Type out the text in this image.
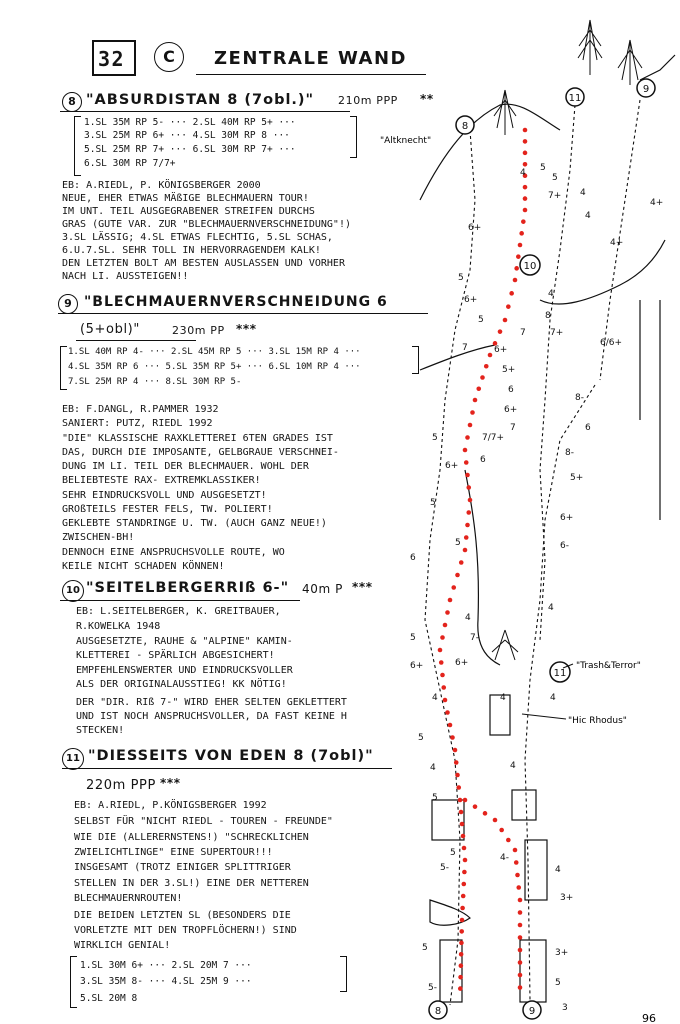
32	C	ZENTRALE WAND
8 "ABSURDISTAN 8 (7obl.)" 210m PPP **
1.SL 35M RP 5- ··· 2.SL 40M RP 5+ ···
3.SL 25M RP 6+ ··· 4.SL 30M RP 8 ···
5.SL 25M RP 7+ ··· 6.SL 30M RP 7+ ···
6.SL 30M RP 7/7+
EB: A.RIEDL, P. KÖNIGSBERGER 2000
NEUE, EHER ETWAS MÄßIGE BLECHMAUERN TOUR!
IM UNT. TEIL AUSGEGRABENER STREIFEN DURCHS
GRAS (GUTE VAR. ZUR "BLECHMAUERNVERSCHNEIDUNG"!)
3.SL LÄSSIG; 4.SL ETWAS FLECHTIG, 5.SL SCHAS,
6.U.7.SL. SEHR TOLL IN HERVORRAGENDEM KALK!
DEN LETZTEN BOLT AM BESTEN AUSLASSEN UND VORHER
NACH LI. AUSSTEIGEN!!
9 "BLECHMAUERNVERSCHNEIDUNG 6
(5+obl)"	230m PP ***
1.SL 40M RP 4- ··· 2.SL 45M RP 5 ··· 3.SL 15M RP 4 ···
4.SL 35M RP 6 ··· 5.SL 35M RP 5+ ··· 6.SL 10M RP 4 ···
7.SL 25M RP 4 ··· 8.SL 30M RP 5-
EB: F.DANGL, R.PAMMER 1932
SANIERT: PUTZ, RIEDL 1992
"DIE" KLASSISCHE RAXKLETTEREI 6TEN GRADES IST
DAS, DURCH DIE IMPOSANTE, GELBGRAUE VERSCHNEI-
DUNG IM LI. TEIL DER BLECHMAUER. WOHL DER
BELIEBTESTE RAX- EXTREMKLASSIKER!
SEHR EINDRUCKSVOLL UND AUSGESETZT!
GROßTEILS FESTER FELS, TW. POLIERT!
GEKLEBTE STANDRINGE U. TW. (AUCH GANZ NEUE!)
ZWISCHEN-BH!
DENNOCH EINE ANSPRUCHSVOLLE ROUTE, WO
KEILE NICHT SCHADEN KÖNNEN!
10 "SEITELBERGERRIß 6-" 40m P ***
EB: L.SEITELBERGER, K. GREITBAUER,
R.KOWELKA 1948
AUSGESETZTE, RAUHE & "ALPINE" KAMIN-
KLETTEREI - SPÄRLICH ABGESICHERT!
EMPFEHLENSWERTER UND EINDRUCKSVOLLER
ALS DER ORIGINALAUSSTIEG! KK NÖTIG!
DER "DIR. RIß 7-" WIRD EHER SELTEN GEKLETTERT
UND IST NOCH ANSPRUCHSVOLLER, DA FAST KEINE H
STECKEN!
11 "DIESSEITS VON EDEN 8 (7obl)"
220m PPP ***
EB: A.RIEDL, P.KÖNIGSBERGER 1992
SELBST FÜR "NICHT RIEDL - TOUREN - FREUNDE"
WIE DIE (ALLERERNSTENS!) "SCHRECKLICHEN
ZWIELICHTLINGE" EINE SUPERTOUR!!!
INSGESAMT (TROTZ EINIGER SPLITTRIGER
STELLEN IN DER 3.SL!) EINE DER NETTEREN
BLECHMAUERNROUTEN!
DIE BEIDEN LETZTEN SL (BESONDERS DIE
VORLETZTE MIT DEN TROPFLÖCHERN!) SIND
WIRKLICH GENIAL!
1.SL 30M 6+ ··· 2.SL 20M 7 ···
3.SL 35M 8- ··· 4.SL 25M 9 ···
5.SL 20M 8
11
9
8
10
11
8	9
"Altknecht"
"Trash&Terror"
"Hic Rhodus"
5
5
4
7+
4+
4
4
4+
6+
5
6+
5
6+
7
4
8
7+
7
5+
6
6+
6/6+
8-
6
7
5	7/7+
6
6+
8-
5+
5
6+
6-
5
6
4
7-
4
5
6+	6+
4
4
5
4
5
5	4-
4
3+
5
5-	5
5-
4
4
3
3+
96
